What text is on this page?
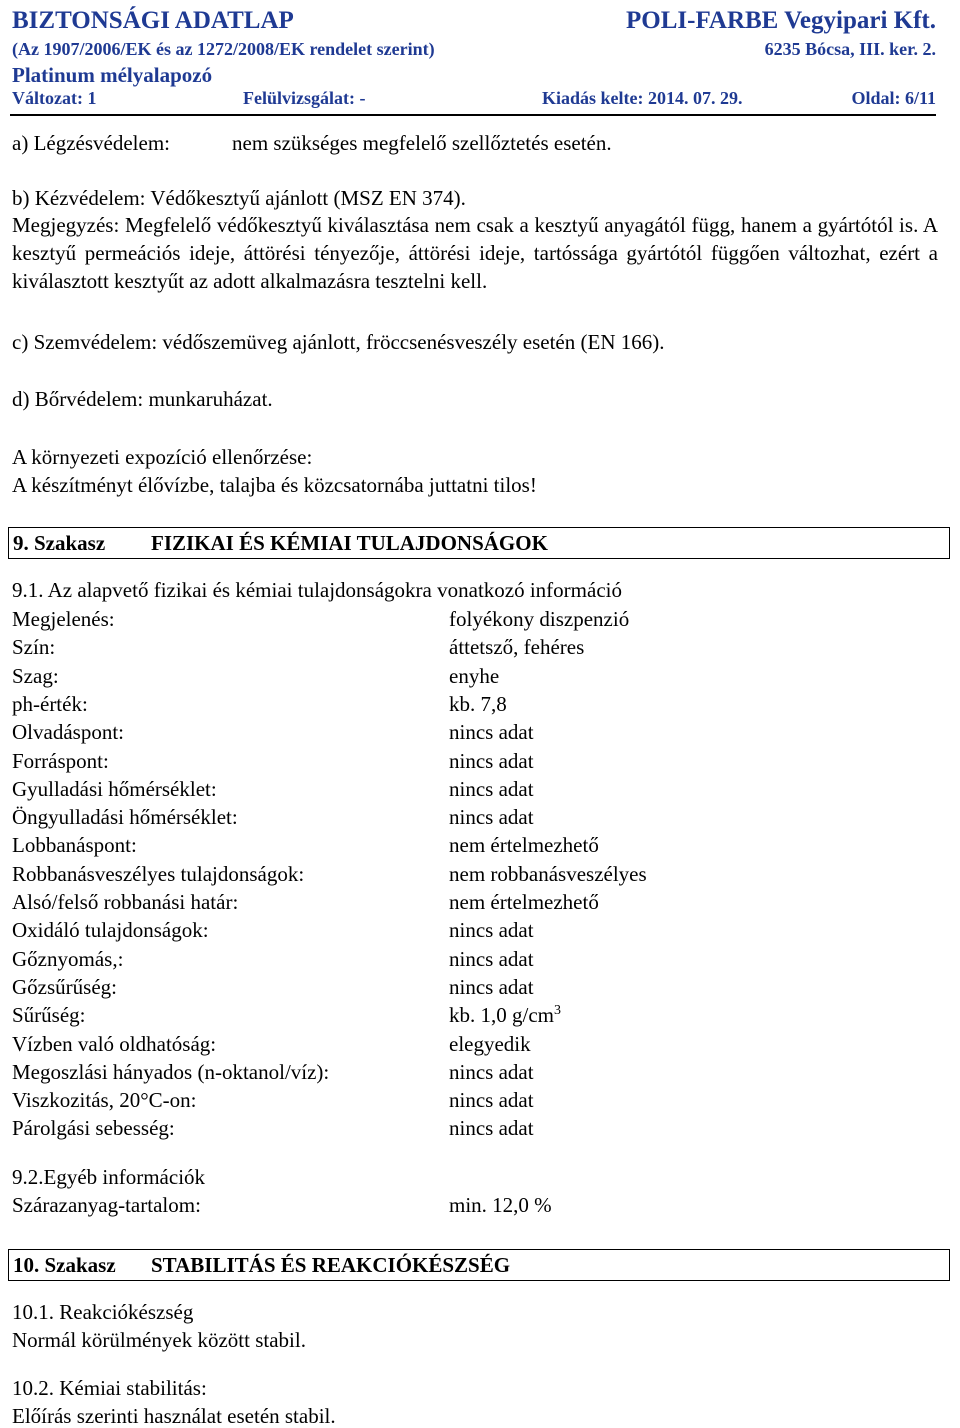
BIZTONSÁGI ADATLAP	POLI-FARBE Vegyipari Kft.
(Az 1907/2006/EK és az 1272/2008/EK rendelet szerint)	6235 Bócsa, III. ker. 2.
Platinum mélyalapozó
Változat: 1	Felülvizsgálat: -	Kiadás kelte: 2014. 07. 29.	Oldal: 6/11
a) Légzésvédelem:	nem szükséges megfelelő szellőztetés esetén.
b) Kézvédelem: Védőkesztyű ajánlott (MSZ EN 374).
Megjegyzés: Megfelelő védőkesztyű kiválasztása nem csak a kesztyű anyagától függ, hanem a gyártótól is. A kesztyű permeációs ideje, áttörési tényezője, áttörési ideje, tartóssága gyártótól függően változhat, ezért a kiválasztott kesztyűt az adott alkalmazásra tesztelni kell.
c) Szemvédelem: védőszemüveg ajánlott, fröccsenésveszély esetén (EN 166).
d) Bőrvédelem: munkaruházat.
A környezeti expozíció ellenőrzése:
A készítményt élővízbe, talajba és közcsatornába juttatni tilos!
9. Szakasz FIZIKAI ÉS KÉMIAI TULAJDONSÁGOK
9.1. Az alapvető fizikai és kémiai tulajdonságokra vonatkozó információ
Megjelenés:	folyékony diszpenzió
Szín:	áttetsző, fehéres
Szag:	enyhe
ph-érték:	kb. 7,8
Olvadáspont:	nincs adat
Forráspont:	nincs adat
Gyulladási hőmérséklet:	nincs adat
Öngyulladási hőmérséklet:	nincs adat
Lobbanáspont:	nem értelmezhető
Robbanásveszélyes tulajdonságok:	nem robbanásveszélyes
Alsó/felső robbanási határ:	nem értelmezhető
Oxidáló tulajdonságok:	nincs adat
Gőznyomás,:	nincs adat
Gőzsűrűség:	nincs adat
Sűrűség:	kb. 1,0 $g/cm^3$
Vízben való oldhatóság:	elegyedik
Megoszlási hányados (n-oktanol/víz):	nincs adat
Viszkozitás, 20°C-on:	nincs adat
Párolgási sebesség:	nincs adat
9.2.Egyéb információk
Szárazanyag-tartalom:	min. 12,0 %
10. Szakasz STABILITÁS ÉS REAKCIÓKÉSZSÉG
10.1. Reakciókészség
Normál körülmények között stabil.
10.2. Kémiai stabilitás:
Előírás szerinti használat esetén stabil.
